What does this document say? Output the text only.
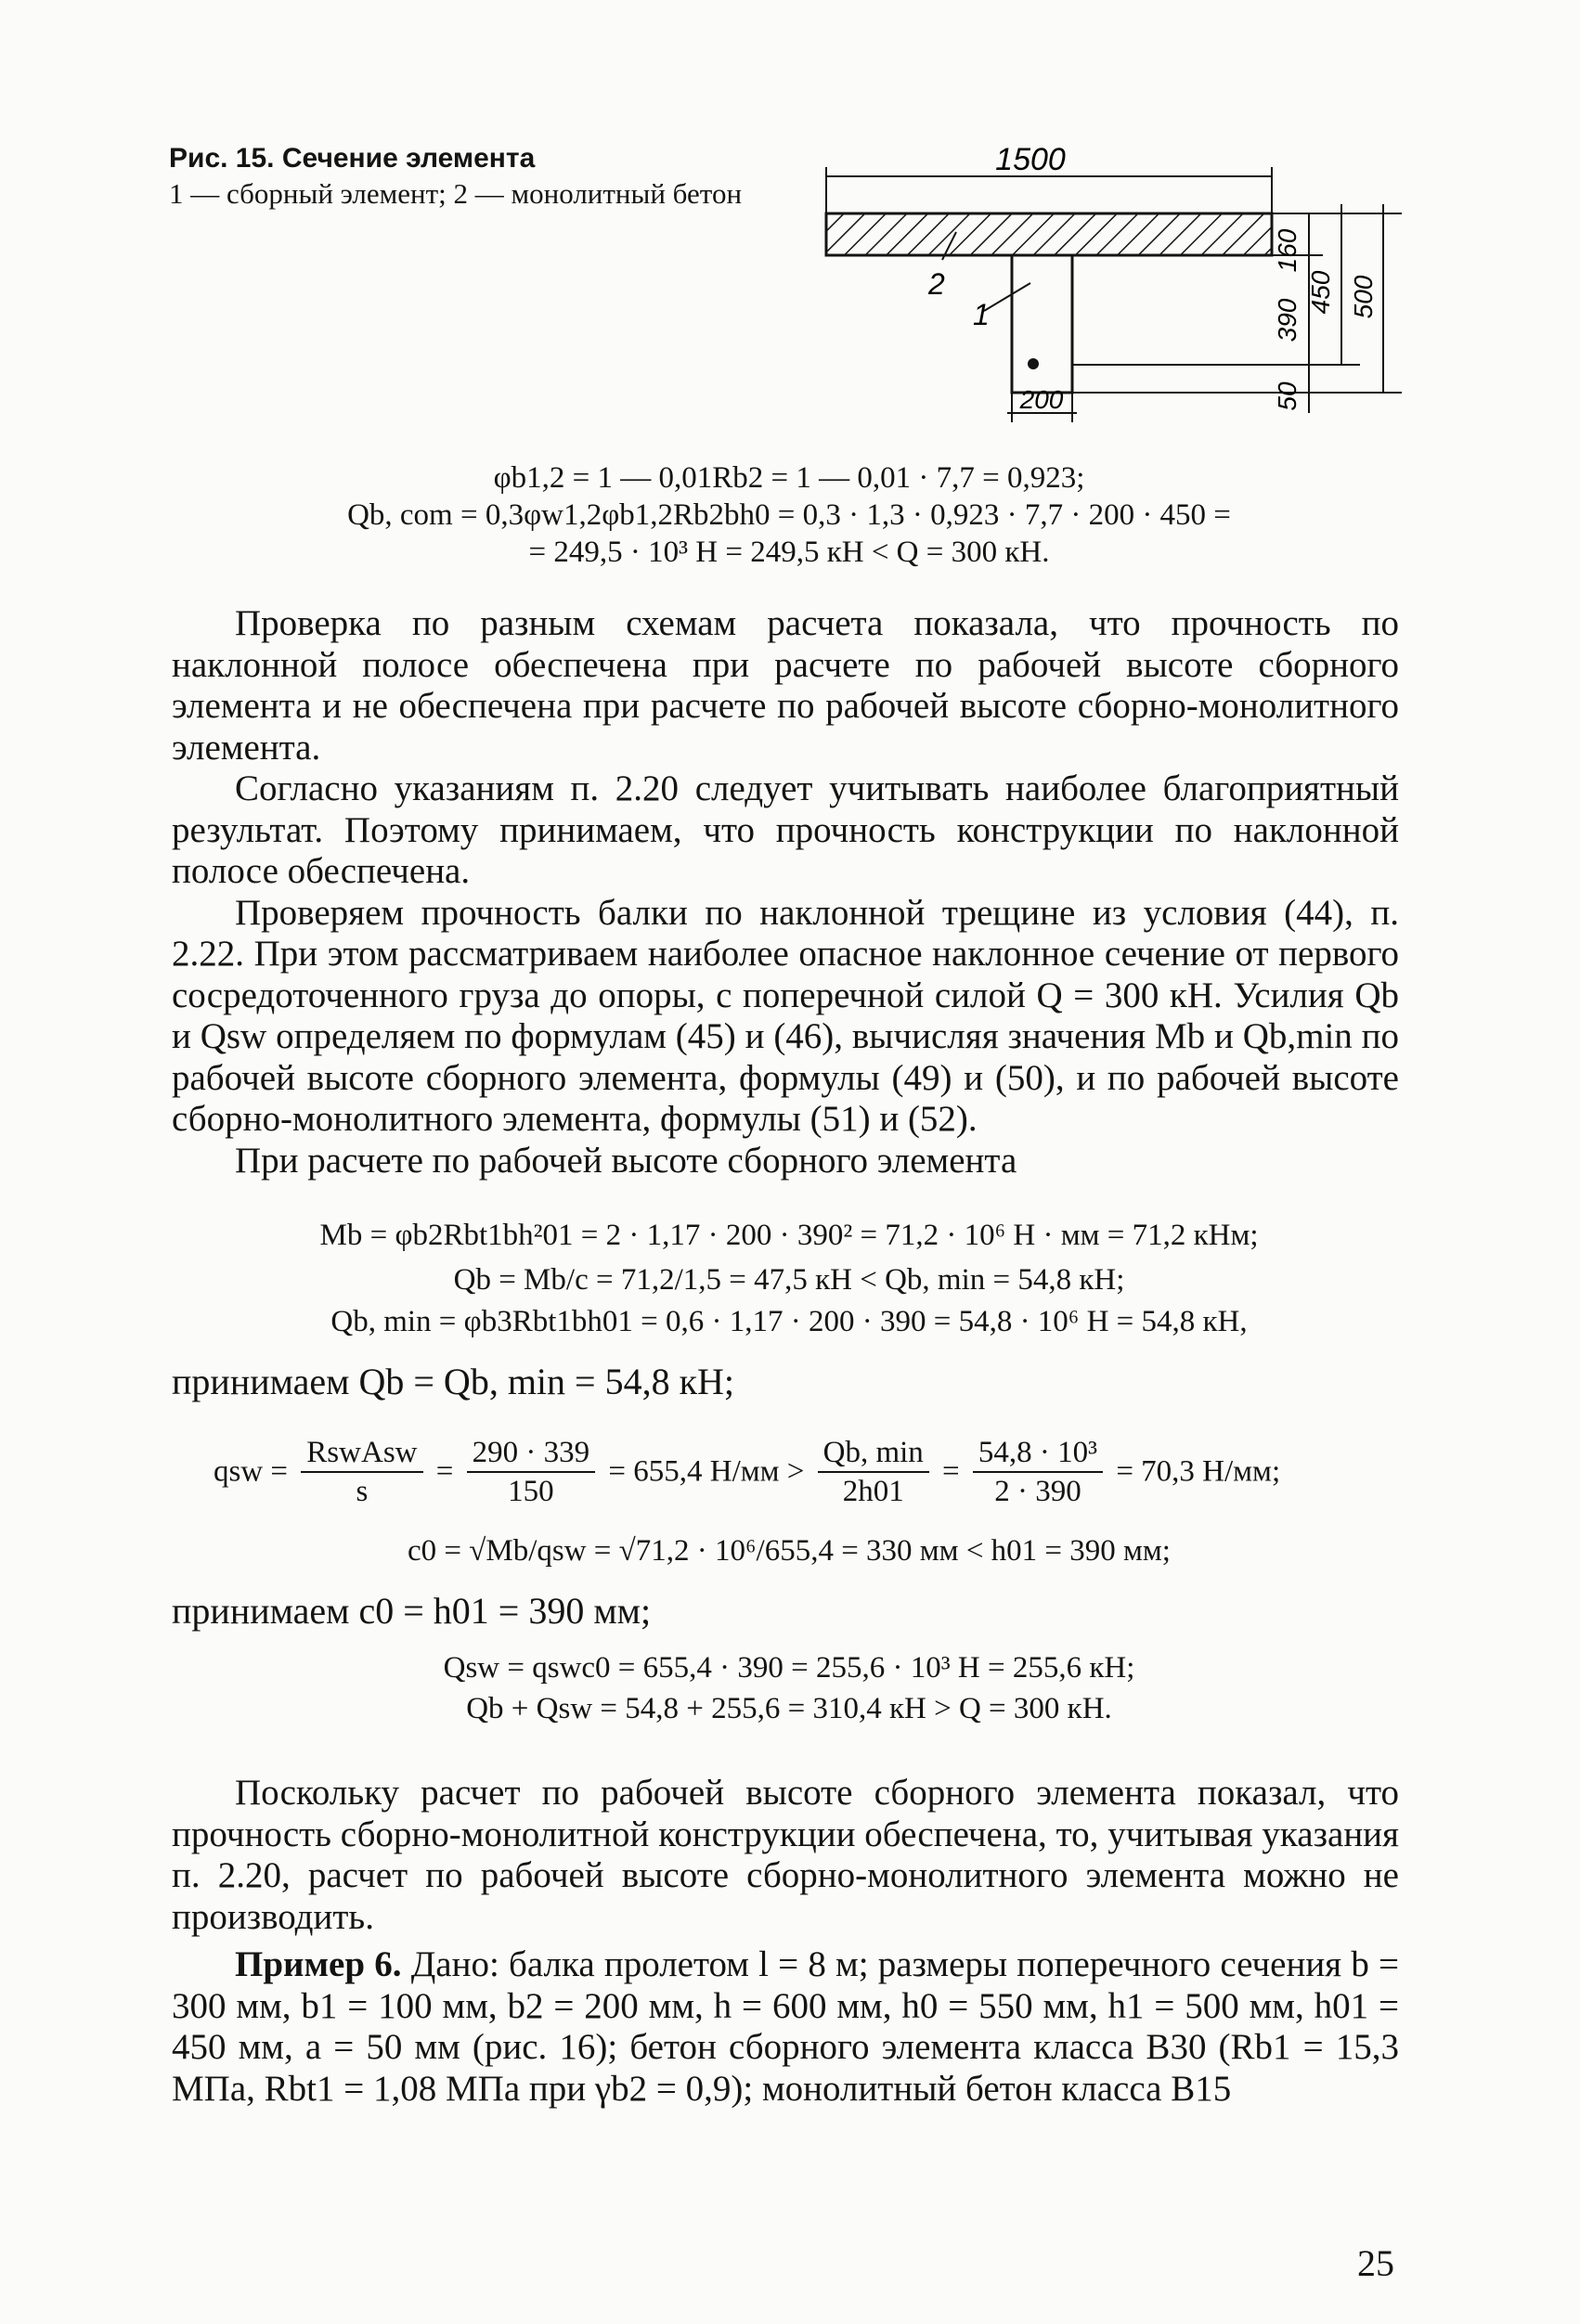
Рис. 15. Сечение элемента
1 — сборный элемент; 2 — монолитный бетон
1500
2
1
160
390
450 500
50
200
φb1,2 = 1 — 0,01Rb2 = 1 — 0,01 · 7,7 = 0,923;
Qb, com = 0,3φw1,2φb1,2Rb2bh0 = 0,3 · 1,3 · 0,923 · 7,7 · 200 · 450 =
= 249,5 · 10³ Н = 249,5 кН < Q = 300 кН.

Проверка по разным схемам расчета показала, что прочность по наклонной полосе обеспечена при расчете по рабочей высоте сборного элемента и не обеспечена при расчете по рабочей высоте сборно-монолитного элемента.

Согласно указаниям п. 2.20 следует учитывать наиболее благоприятный результат. Поэтому принимаем, что прочность конструкции по наклонной полосе обеспечена.

Проверяем прочность балки по наклонной трещине из условия (44), п. 2.22. При этом рассматриваем наиболее опасное наклонное сечение от первого сосредоточенного груза до опоры, с поперечной силой Q = 300 кН. Усилия Qb и Qsw определяем по формулам (45) и (46), вычисляя значения Mb и Qb,min по рабочей высоте сборного элемента, формулы (49) и (50), и по рабочей высоте сборно-монолитного элемента, формулы (51) и (52).

При расчете по рабочей высоте сборного элемента

Mb = φb2Rbt1bh²01 = 2 · 1,17 · 200 · 390² = 71,2 · 10⁶ Н · мм = 71,2 кНм;
Qb = Mb/c = 71,2/1,5 = 47,5 кН < Qb, min = 54,8 кН;
Qb, min = φb3Rbt1bh01 = 0,6 · 1,17 · 200 · 390 = 54,8 · 10⁶ Н = 54,8 кН,
принимаем Qb = Qb, min = 54,8 кН;
qsw = $\frac{\text{RswAsw}}{s} = \frac{290 \cdot 339}{150} = 655,4$ $Н/мм > \frac{Qb, \min}{2h01} = \frac{\text{54,8 · 10³}}{2 \cdot 390} = 70,3$ Н/мм;
c0 = √Mb/qsw = √71,2 · 10⁶/655,4 = 330 мм < h01 = 390 мм;
принимаем c0 = h01 = 390 мм;
Qsw = qswc0 = 655,4 · 390 = 255,6 · 10³ Н = 255,6 кН;
Qb + Qsw = 54,8 + 255,6 = 310,4 кН > Q = 300 кН.

Поскольку расчет по рабочей высоте сборного элемента показал, что прочность сборно-монолитной конструкции обеспечена, то, учитывая указания п. 2.20, расчет по рабочей высоте сборно-монолитного элемента можно не производить.

Пример 6. Дано: балка пролетом l = 8 м; размеры поперечного сечения b = 300 мм, b1 = 100 мм, b2 = 200 мм, h = 600 мм, h0 = 550 мм, h1 = 500 мм, h01 = 450 мм, a = 50 мм (рис. 16); бетон сборного элемента класса В30 (Rb1 = 15,3 МПа, Rbt1 = 1,08 МПа при γb2 = 0,9); монолитный бетон класса В15

25
